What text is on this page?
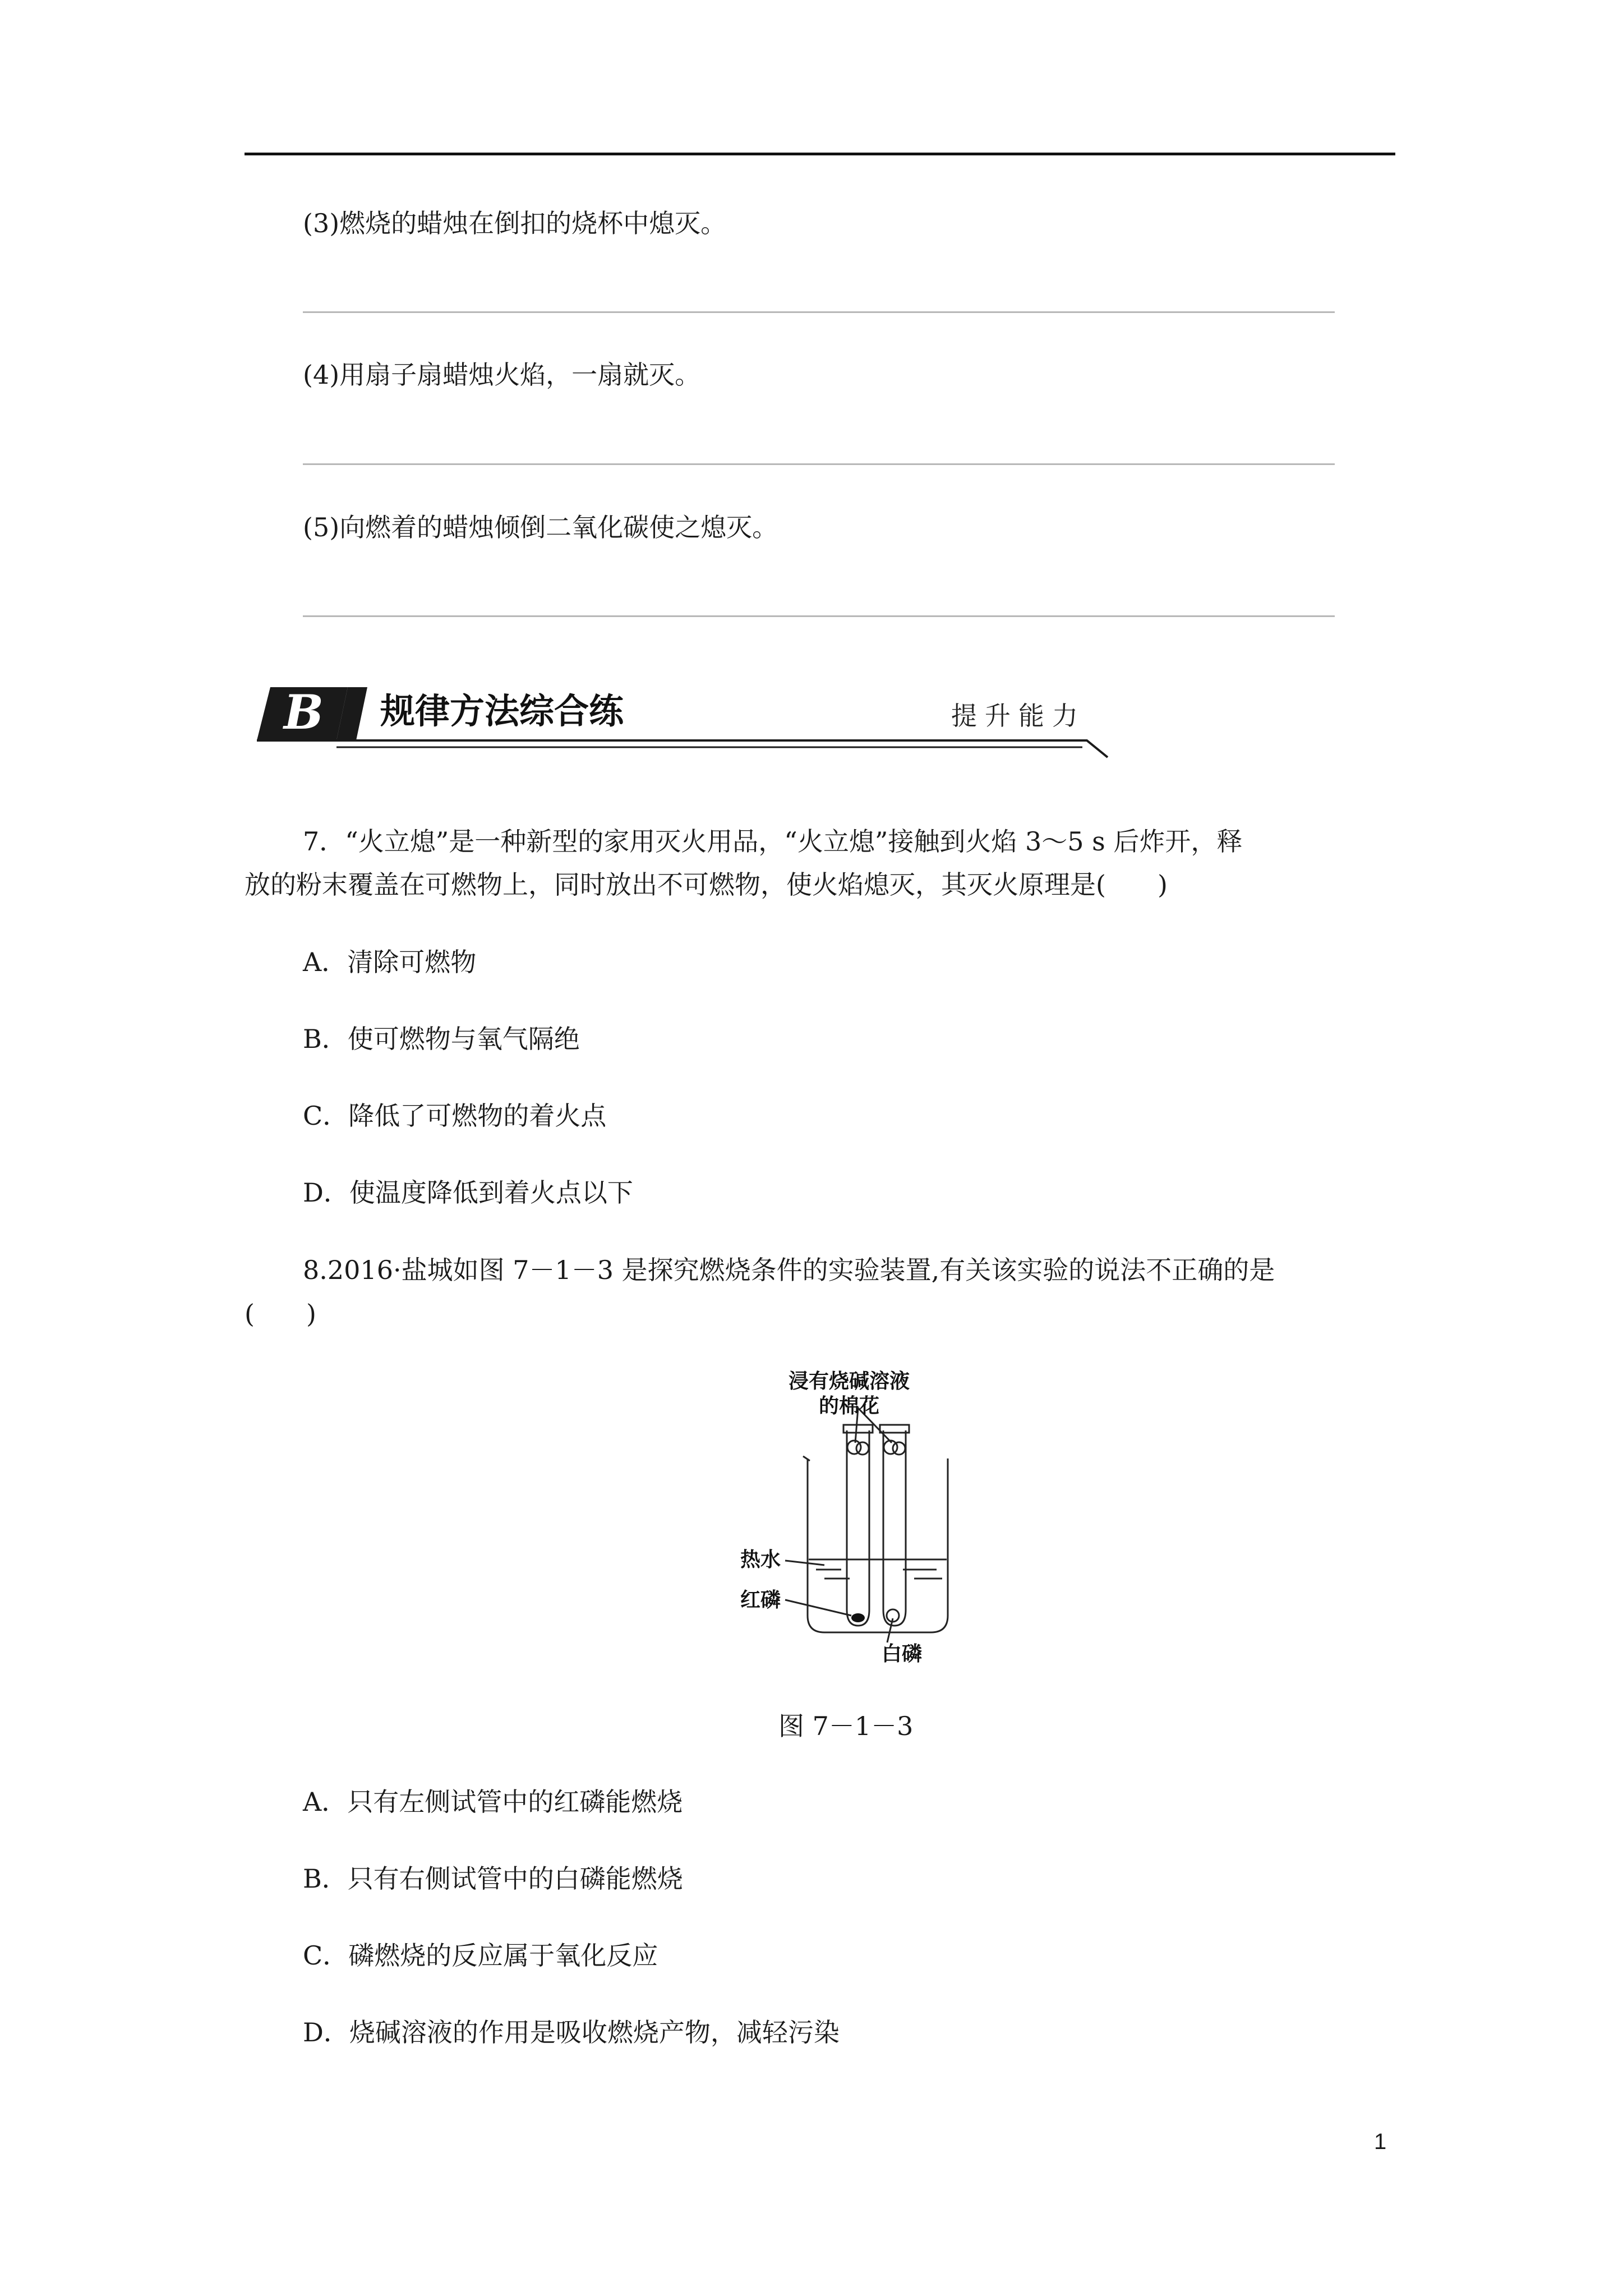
(3)燃烧的蜡烛在倒扣的烧杯中熄灭。
(4)用扇子扇蜡烛火焰，一扇就灭。
(5)向燃着的蜡烛倾倒二氧化碳使之熄灭。
B 规律方法综合练	提升能力
7．“火立熄”是一种新型的家用灭火用品，“火立熄”接触到火焰 3～5 s 后炸开，释
放的粉末覆盖在可燃物上，同时放出不可燃物，使火焰熄灭，其灭火原理是(　　)
A．清除可燃物
B．使可燃物与氧气隔绝
C．降低了可燃物的着火点
D．使温度降低到着火点以下
8.2016·盐城如图 7－1－3 是探究燃烧条件的实验装置,有关该实验的说法不正确的是
(　　)
浸有烧碱溶液
的棉花
热水
红磷
白磷
图 7－1－3
A．只有左侧试管中的红磷能燃烧
B．只有右侧试管中的白磷能燃烧
C．磷燃烧的反应属于氧化反应
D．烧碱溶液的作用是吸收燃烧产物，减轻污染
1
